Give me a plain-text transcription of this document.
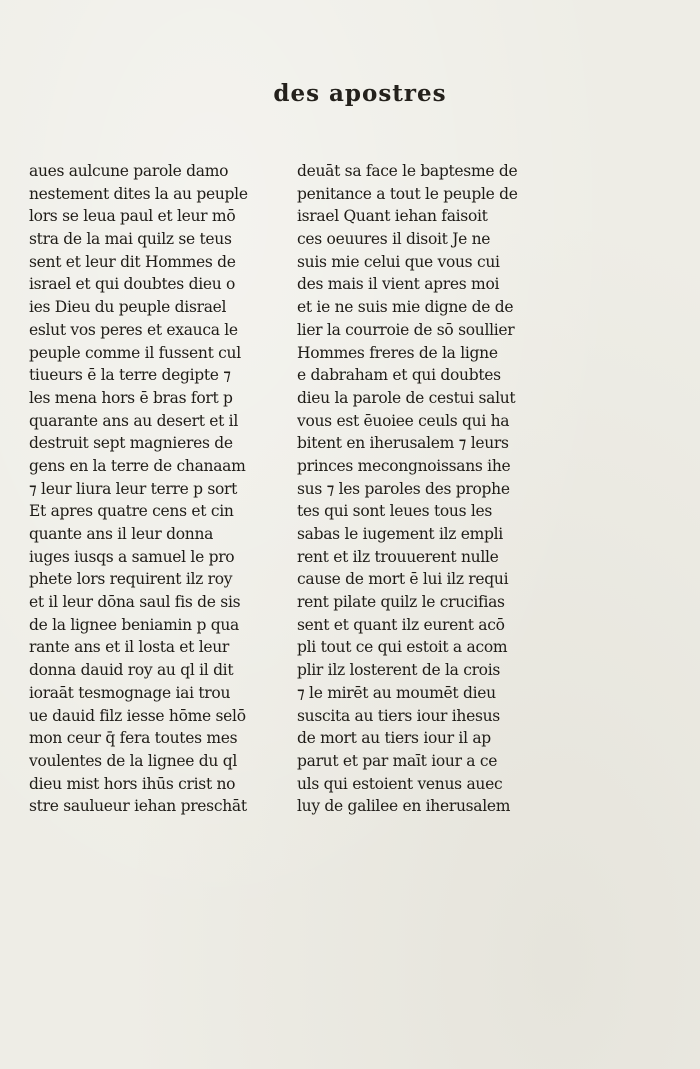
des apostres
aues aulcune parole damo
nestement dites la au peuple
lors se leua paul et leur mō
stra de la mai quilz se teus
sent et leur dit Hommes de
israel et qui doubtes dieu o
ies Dieu du peuple disrael
eslut vos peres et exauca le
peuple comme il fussent cul
tiueurs ē la terre degipte ⁊
les mena hors ē bras fort p
quarante ans au desert et il
destruit sept magnieres de
gens en la terre de chanaam
⁊ leur liura leur terre p sort
Et apres quatre cens et cin
quante ans il leur donna
iuges iusqs a samuel le pro
phete lors requirent ilz roy
et il leur dōna saul fis de sis
de la lignee beniamin p qua
rante ans et il losta et leur
donna dauid roy au ql il dit
ioraāt tesmognage iai trou
ue dauid filz iesse hōme selō
mon ceur q̄ fera toutes mes
voulentes de la lignee du ql
dieu mist hors ihūs crist no
stre sauluеur iehan preschāt
deuāt sa face le baptesme de
penitance a tout le peuple de
israel Quant iehan faisoit
ces oeuures il disoit Je ne
suis mie celui que vous cui
des mais il vient apres moi
et ie ne suis mie digne de de
lier la courroie de sō soullier
Hommes freres de la ligne
e dabraham et qui doubtes
dieu la parole de cestui salut
vous est ēuoiee ceuls qui ha
bitent en iherusalem ⁊ leurs
princes mecongnoissans ihe
sus ⁊ les paroles des prophe
tes qui sont leues tous les
sabas le iugement ilz empli
rent et ilz trouuerent nulle
cause de mort ē lui ilz requi
rent pilate quilz le crucifias
sent et quant ilz eurent acō
pli tout ce qui estoit a acom
plir ilz losterent de la crois
⁊ le mirēt au moumēt dieu
suscita au tiers iour ihesus
de mort au tiers iour il ap
parut et par maīt iour a ce
uls qui estoient venus auec
luy de galilee en iherusalem
